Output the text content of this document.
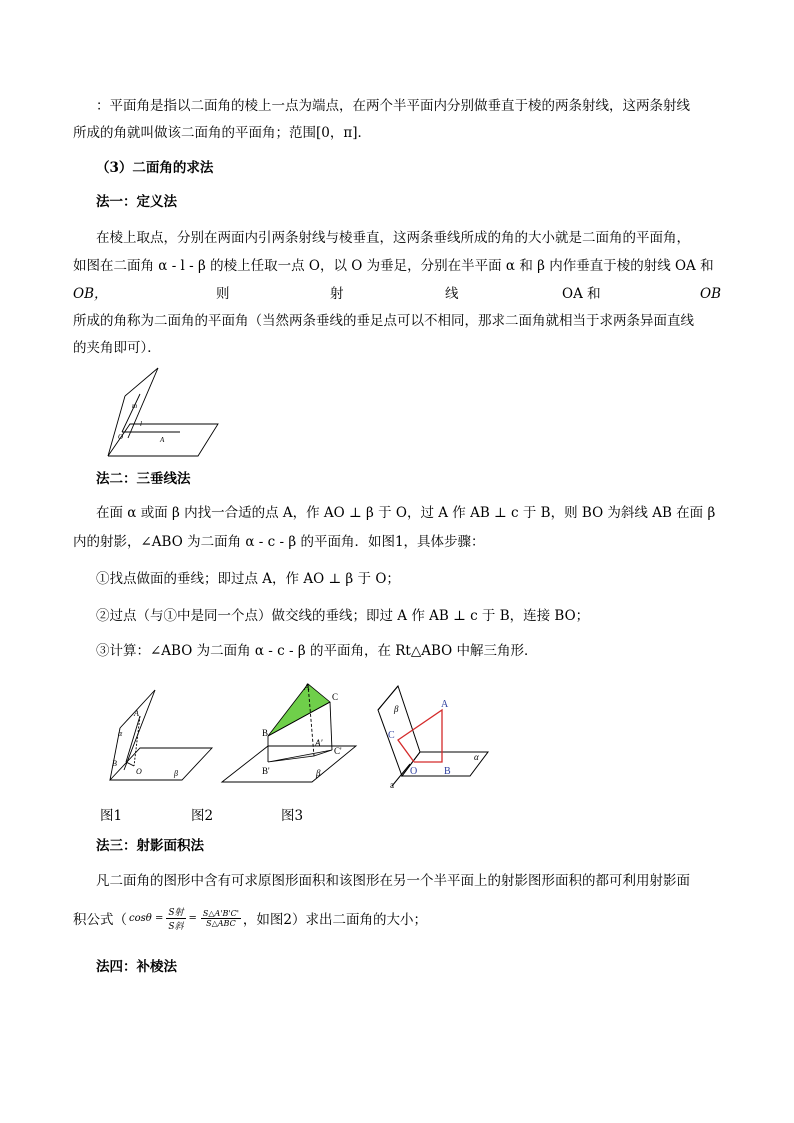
：平面角是指以二面角的棱上一点为端点，在两个半平面内分别做垂直于棱的两条射线，这两条射线
所成的角就叫做该二面角的平面角；范围[0，π]．
（3）二面角的求法
法一：定义法
在棱上取点，分别在两面内引两条射线与棱垂直，这两条垂线所成的角的大小就是二面角的平面角，
如图在二面角 α - l - β 的棱上任取一点 O，以 O 为垂足，分别在半平面 α 和 β 内作垂直于棱的射线 OA 和
OB，	则	射	线	OA 和	OB
所成的角称为二面角的平面角（当然两条垂线的垂足点可以不相同，那求二面角就相当于求两条异面直线
的夹角即可）．
m
l
A
O
法二：三垂线法
在面 α 或面 β 内找一合适的点 A，作 AO ⊥ β 于 O，过 A 作 AB ⊥ c 于 B，则 BO 为斜线 AB 在面 β
内的射影，∠ABO 为二面角 α - c - β 的平面角．如图1，具体步骤：
①找点做面的垂线；即过点 A，作 AO ⊥ β 于 O；
②过点（与①中是同一个点）做交线的垂线；即过 A 作 AB ⊥ c 于 B，连接 BO；
③计算：∠ABO 为二面角 α - c - β 的平面角，在 Rt△ABO 中解三角形．
A
α
B
O	β
A
C
B
A'
C'
B'	β
A
C
O	B
β
α
a
图1	图2	图3
法三：射影面积法
凡二面角的图形中含有可求原图形面积和该图形在另一个半平面上的射影图形面积的都可利用射影面
积公式（ cosθ = S射
S斜
= S△A'B'C'
S△ABC ，如图2）求出二面角的大小；
法四：补棱法
